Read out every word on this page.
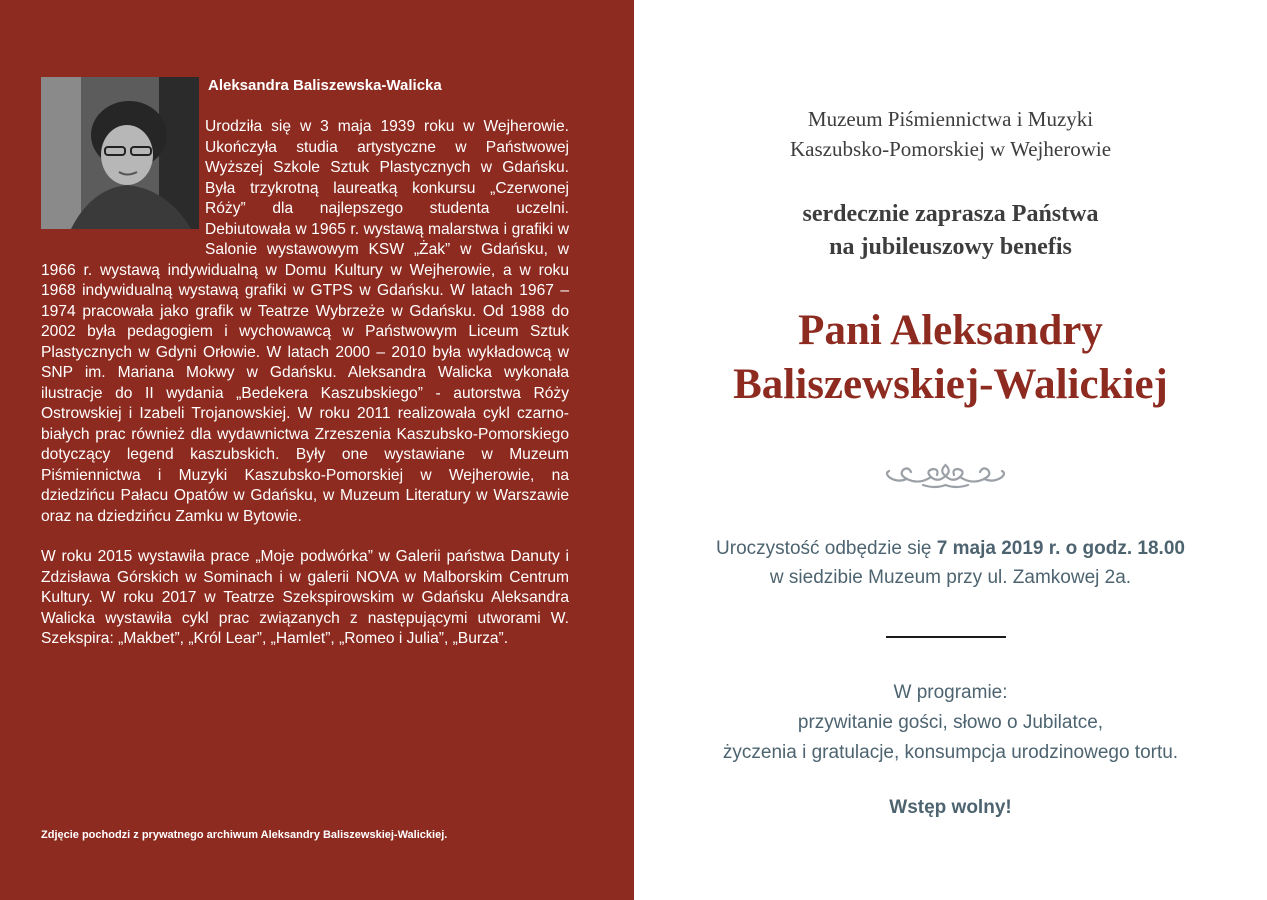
Aleksandra Baliszewska-Walicka

Urodziła się w 3 maja 1939 roku w Wejherowie. Ukończyła studia artystyczne w Państwowej Wyższej Szkole Sztuk Plastycznych w Gdańsku. Była trzykrotną laureatką konkursu „Czerwonej Róży” dla najlepszego studenta uczelni. Debiutowała w 1965 r. wystawą malarstwa i grafiki w Salonie wystawowym KSW „Żak” w Gdańsku, w 1966 r. wystawą indywidualną w Domu Kultury w Wejherowie, a w roku 1968 indywidualną wystawą grafiki w GTPS w Gdańsku. W latach 1967 – 1974 pracowała jako grafik w Teatrze Wybrzeże w Gdańsku. Od 1988 do 2002 była pedagogiem i wychowawcą w Państwowym Liceum Sztuk Plastycznych w Gdyni Orłowie. W latach 2000 – 2010 była wykładowcą w SNP im. Mariana Mokwy w Gdańsku. Aleksandra Walicka wykonała ilustracje do II wydania „Bedekera Kaszubskiego” - autorstwa Róży Ostrowskiej i Izabeli Trojanowskiej. W roku 2011 realizowała cykl czarno-białych prac również dla wydawnictwa Zrzeszenia Kaszubsko-Pomorskiego dotyczący legend kaszubskich. Były one wystawiane w Muzeum Piśmiennictwa i Muzyki Kaszubsko-Pomorskiej w Wejherowie, na dziedzińcu Pałacu Opatów w Gdańsku, w Muzeum Literatury w Warszawie oraz na dziedzińcu Zamku w Bytowie.

W roku 2015 wystawiła prace „Moje podwórka” w Galerii państwa Danuty i Zdzisława Górskich w Sominach i w galerii NOVA w Malborskim Centrum Kultury. W roku 2017 w Teatrze Szekspirowskim w Gdańsku Aleksandra Walicka wystawiła cykl prac związanych z następującymi utworami W. Szekspira: „Makbet”, „Król Lear”, „Hamlet”, „Romeo i Julia”, „Burza”.

Zdjęcie pochodzi z prywatnego archiwum Aleksandry Baliszewskiej-Walickiej.
Muzeum Piśmiennictwa i Muzyki
Kaszubsko-Pomorskiej w Wejherowie
serdecznie zaprasza Państwa
na jubileuszowy benefis
Pani Aleksandry
Baliszewskiej-Walickiej
Uroczystość odbędzie się 7 maja 2019 r. o godz. 18.00
w siedzibie Muzeum przy ul. Zamkowej 2a.
W programie:
przywitanie gości, słowo o Jubilatce,
życzenia i gratulacje, konsumpcja urodzinowego tortu.
Wstęp wolny!
